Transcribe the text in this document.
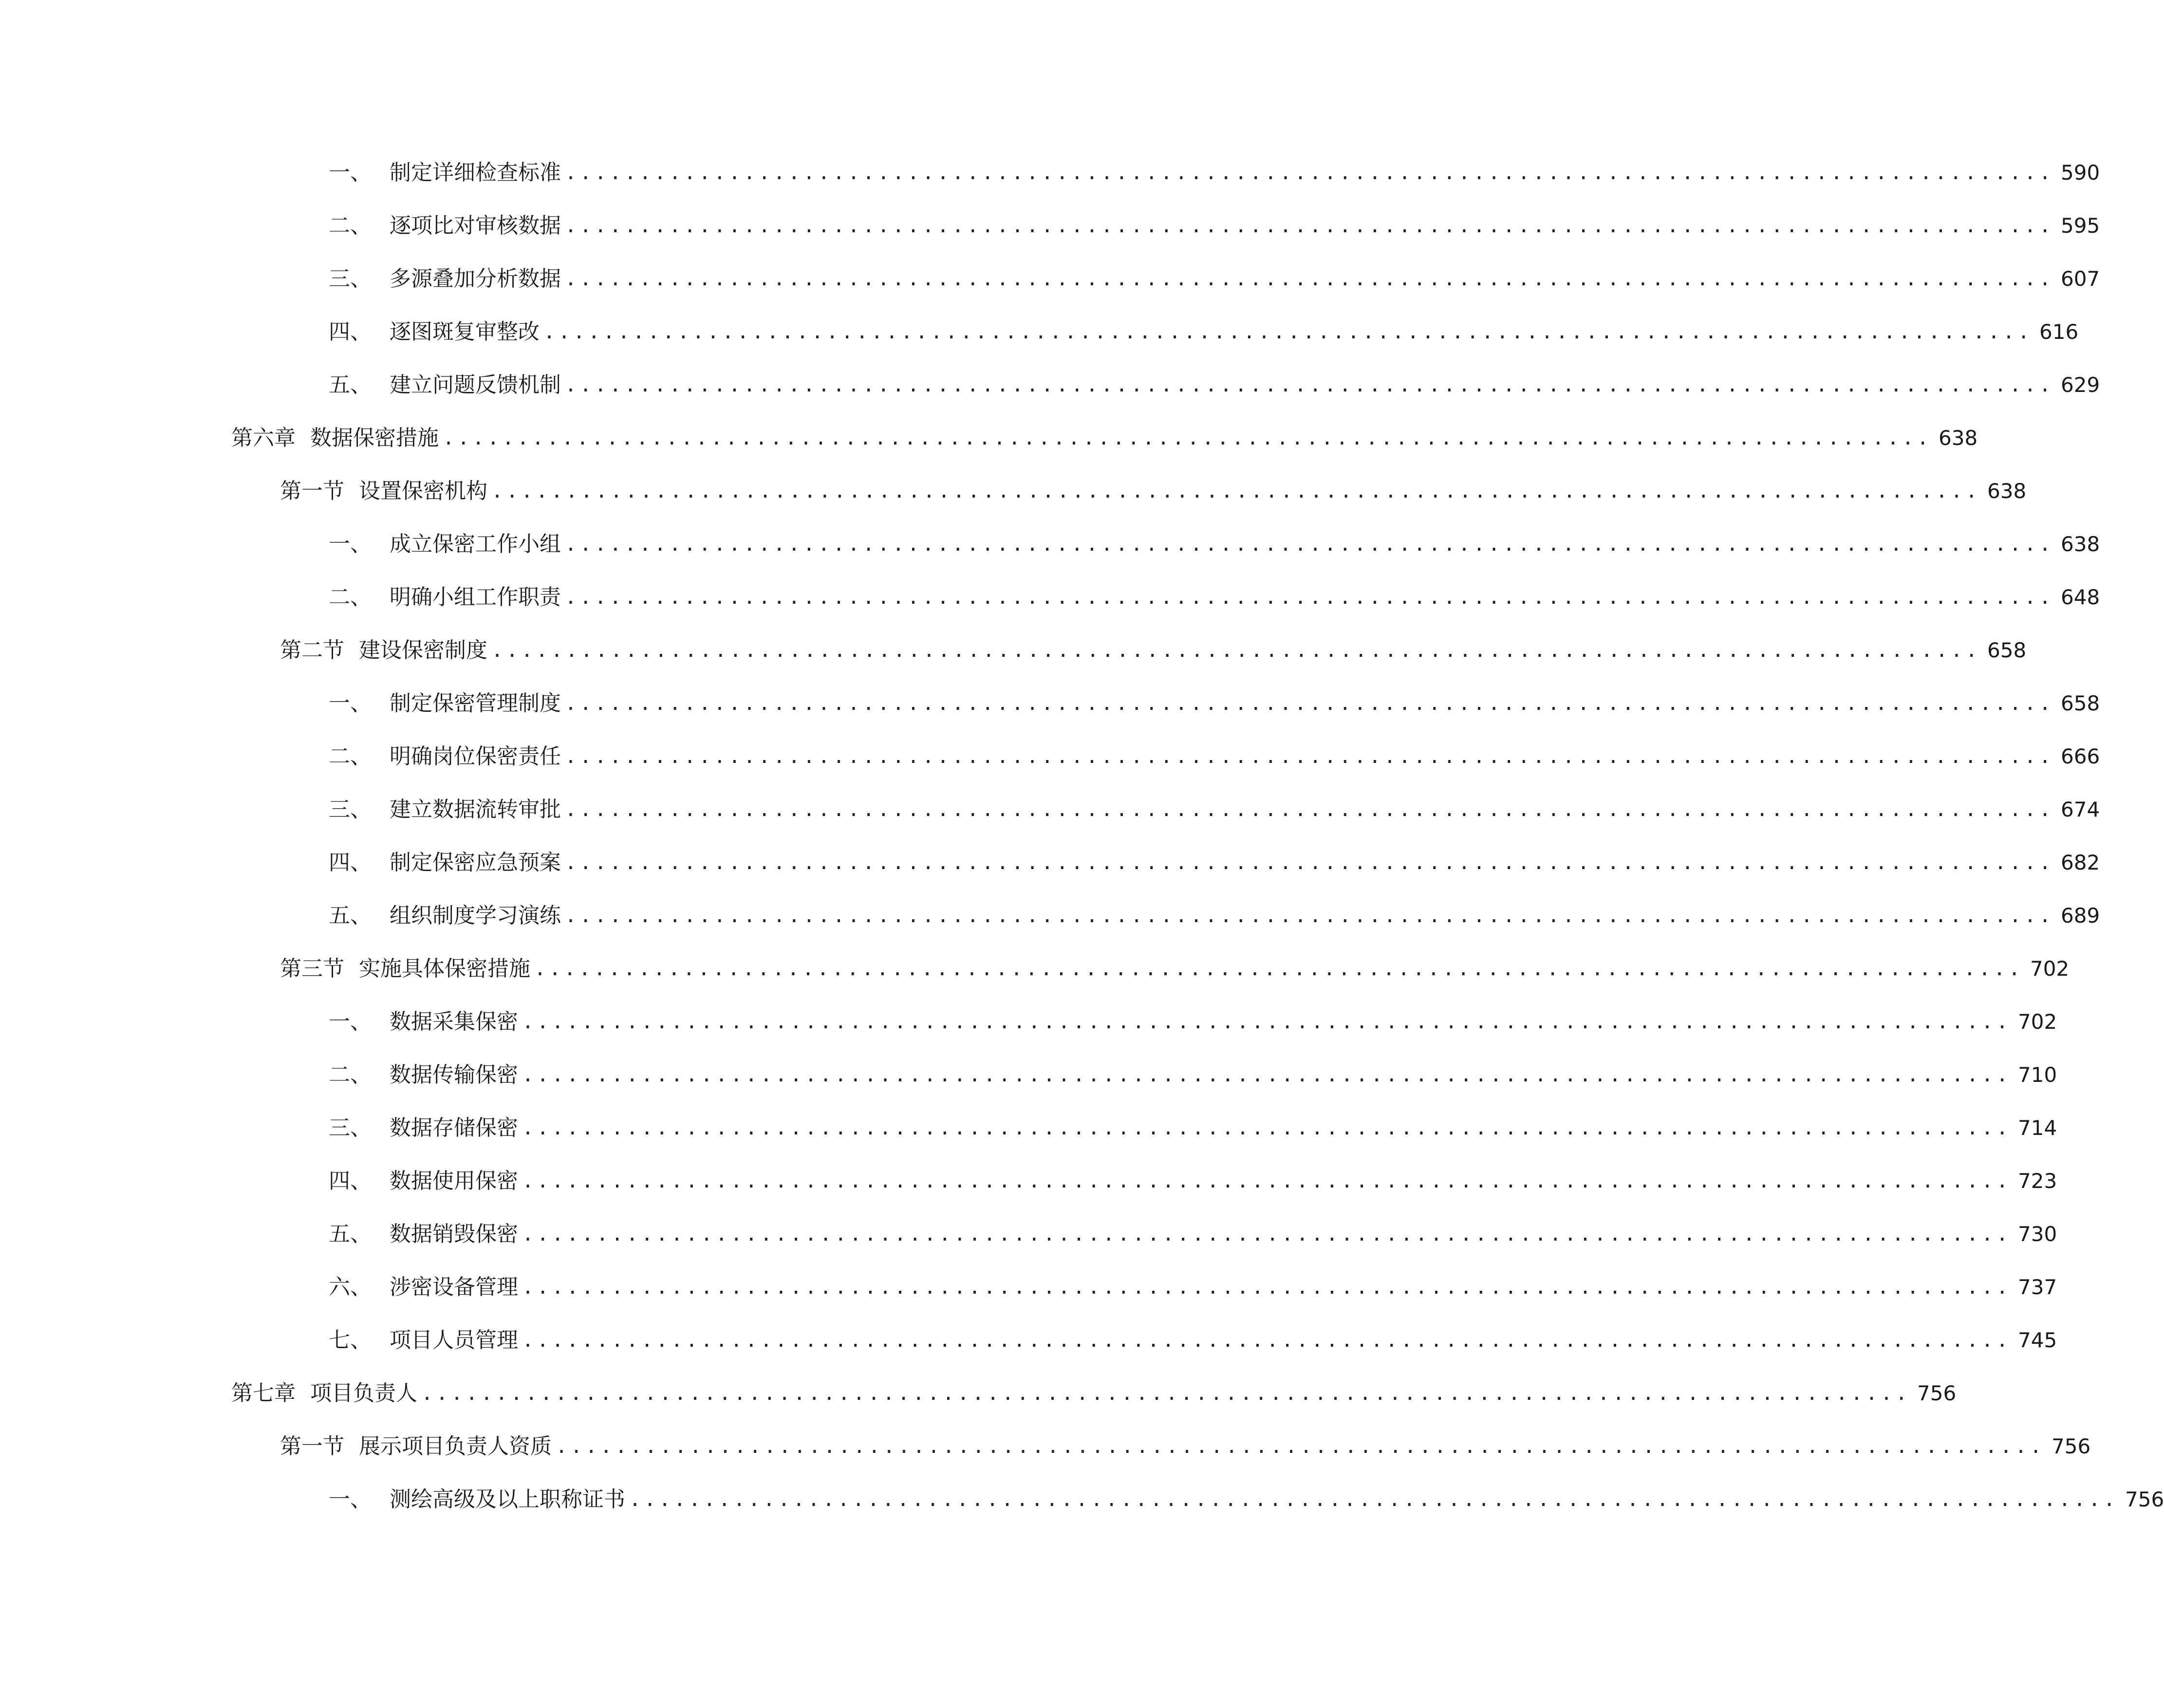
一、 制定详细检查标准 .................................................................................................... 590
二、 逐项比对审核数据 .................................................................................................... 595
三、 多源叠加分析数据 .................................................................................................... 607
四、 逐图斑复审整改 .................................................................................................... 616
五、 建立问题反馈机制 .................................................................................................... 629
第六章 数据保密措施 .................................................................................................... 638
第一节 设置保密机构 .................................................................................................... 638
一、 成立保密工作小组 .................................................................................................... 638
二、 明确小组工作职责 .................................................................................................... 648
第二节 建设保密制度 .................................................................................................... 658
一、 制定保密管理制度 .................................................................................................... 658
二、 明确岗位保密责任 .................................................................................................... 666
三、 建立数据流转审批 .................................................................................................... 674
四、 制定保密应急预案 .................................................................................................... 682
五、 组织制度学习演练 .................................................................................................... 689
第三节 实施具体保密措施 .................................................................................................... 702
一、 数据采集保密 .................................................................................................... 702
二、 数据传输保密 .................................................................................................... 710
三、 数据存储保密 .................................................................................................... 714
四、 数据使用保密 .................................................................................................... 723
五、 数据销毁保密 .................................................................................................... 730
六、 涉密设备管理 .................................................................................................... 737
七、 项目人员管理 .................................................................................................... 745
第七章 项目负责人 .................................................................................................... 756
第一节 展示项目负责人资质 .................................................................................................... 756
一、 测绘高级及以上职称证书 .................................................................................................... 756
